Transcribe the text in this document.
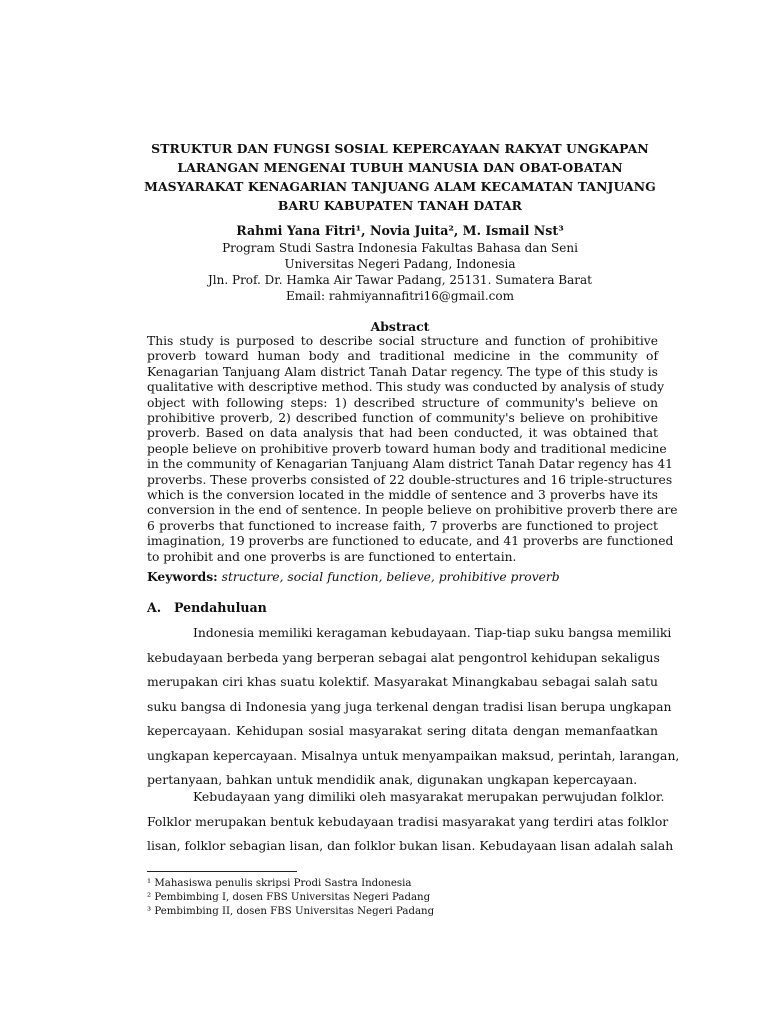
STRUKTUR DAN FUNGSI SOSIAL KEPERCAYAAN RAKYAT UNGKAPAN
LARANGAN MENGENAI TUBUH MANUSIA DAN OBAT-OBATAN
MASYARAKAT KENAGARIAN TANJUANG ALAM KECAMATAN TANJUANG
BARU KABUPATEN TANAH DATAR
Rahmi Yana Fitri¹, Novia Juita², M. Ismail Nst³
Program Studi Sastra Indonesia Fakultas Bahasa dan Seni
Universitas Negeri Padang, Indonesia
Jln. Prof. Dr. Hamka Air Tawar Padang, 25131. Sumatera Barat
Email: rahmiyannafitri16@gmail.com
Abstract
This study is purposed to describe social structure and function of prohibitive
proverb toward human body and traditional medicine in the community of
Kenagarian Tanjuang Alam district Tanah Datar regency. The type of this study is
qualitative with descriptive method. This study was conducted by analysis of study
object with following steps: 1) described structure of community's believe on
prohibitive proverb, 2) described function of community's believe on prohibitive
proverb. Based on data analysis that had been conducted, it was obtained that
people believe on prohibitive proverb toward human body and traditional medicine
in the community of Kenagarian Tanjuang Alam district Tanah Datar regency has 41
proverbs. These proverbs consisted of 22 double-structures and 16 triple-structures
which is the conversion located in the middle of sentence and 3 proverbs have its
conversion in the end of sentence. In people believe on prohibitive proverb there are
6 proverbs that functioned to increase faith, 7 proverbs are functioned to project
imagination, 19 proverbs are functioned to educate, and 41 proverbs are functioned
to prohibit and one proverbs is are functioned to entertain.
Keywords: structure, social function, believe, prohibitive proverb
A. Pendahuluan
Indonesia memiliki keragaman kebudayaan. Tiap-tiap suku bangsa memiliki
kebudayaan berbeda yang berperan sebagai alat pengontrol kehidupan sekaligus
merupakan ciri khas suatu kolektif. Masyarakat Minangkabau sebagai salah satu
suku bangsa di Indonesia yang juga terkenal dengan tradisi lisan berupa ungkapan
kepercayaan. Kehidupan sosial masyarakat sering ditata dengan memanfaatkan
ungkapan kepercayaan. Misalnya untuk menyampaikan maksud, perintah, larangan,
pertanyaan, bahkan untuk mendidik anak, digunakan ungkapan kepercayaan.
Kebudayaan yang dimiliki oleh masyarakat merupakan perwujudan folklor.
Folklor merupakan bentuk kebudayaan tradisi masyarakat yang terdiri atas folklor
lisan, folklor sebagian lisan, dan folklor bukan lisan. Kebudayaan lisan adalah salah
¹ Mahasiswa penulis skripsi Prodi Sastra Indonesia
² Pembimbing I, dosen FBS Universitas Negeri Padang
³ Pembimbing II, dosen FBS Universitas Negeri Padang
